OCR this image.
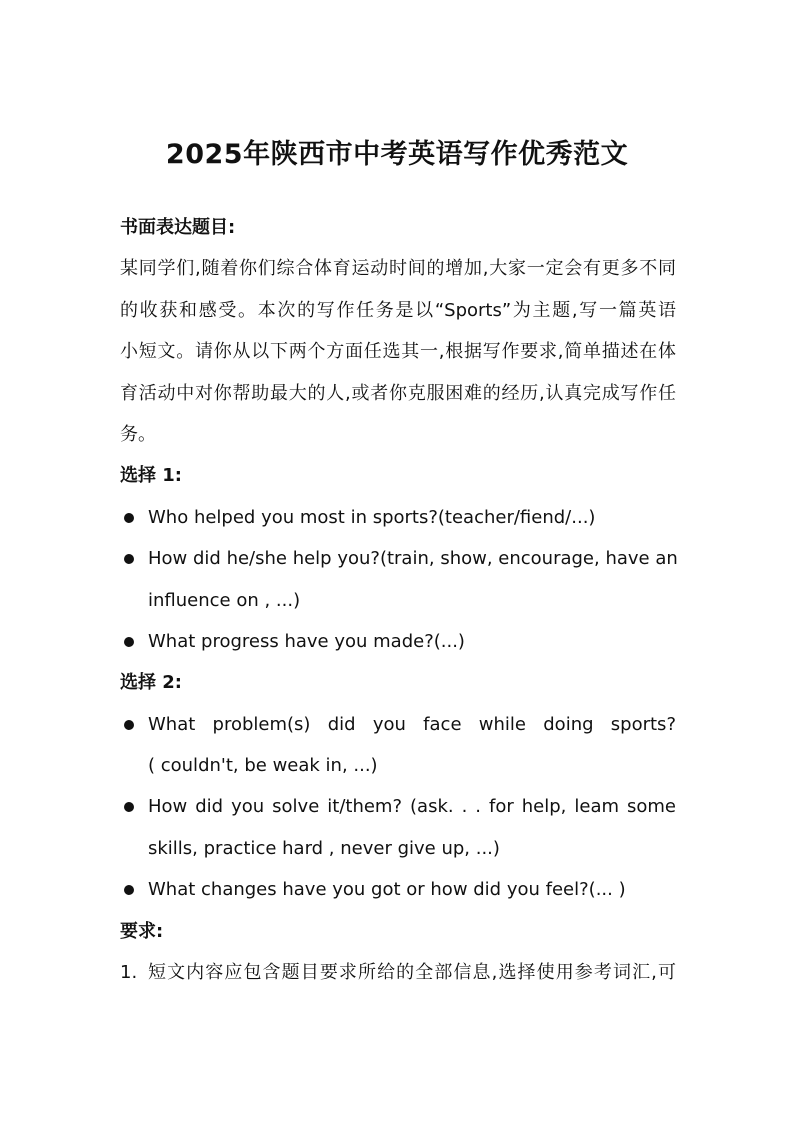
2025年陕西市中考英语写作优秀范文
书面表达题目:
某同学们,随着你们综合体育运动时间的增加,大家一定会有更多不同
的收获和感受。本次的写作任务是以“Sports”为主题,写一篇英语
小短文。请你从以下两个方面任选其一,根据写作要求,简单描述在体
育活动中对你帮助最大的人,或者你克服困难的经历,认真完成写作任
务。
选择 1:
Who helped you most in sports?(teacher/fiend/...)
How did he/she help you?(train, show, encourage, have an
influence on , ...)
What progress have you made?(...)
选择 2:
What problem(s) did you face while doing sports?
( couldn't, be weak in, ...)
How did you solve it/them? (ask. . . for help, leam some
skills, practice hard , never give up, ...)
What changes have you got or how did you feel?(... )
要求:
1. 短文内容应包含题目要求所给的全部信息,选择使用参考词汇,可
